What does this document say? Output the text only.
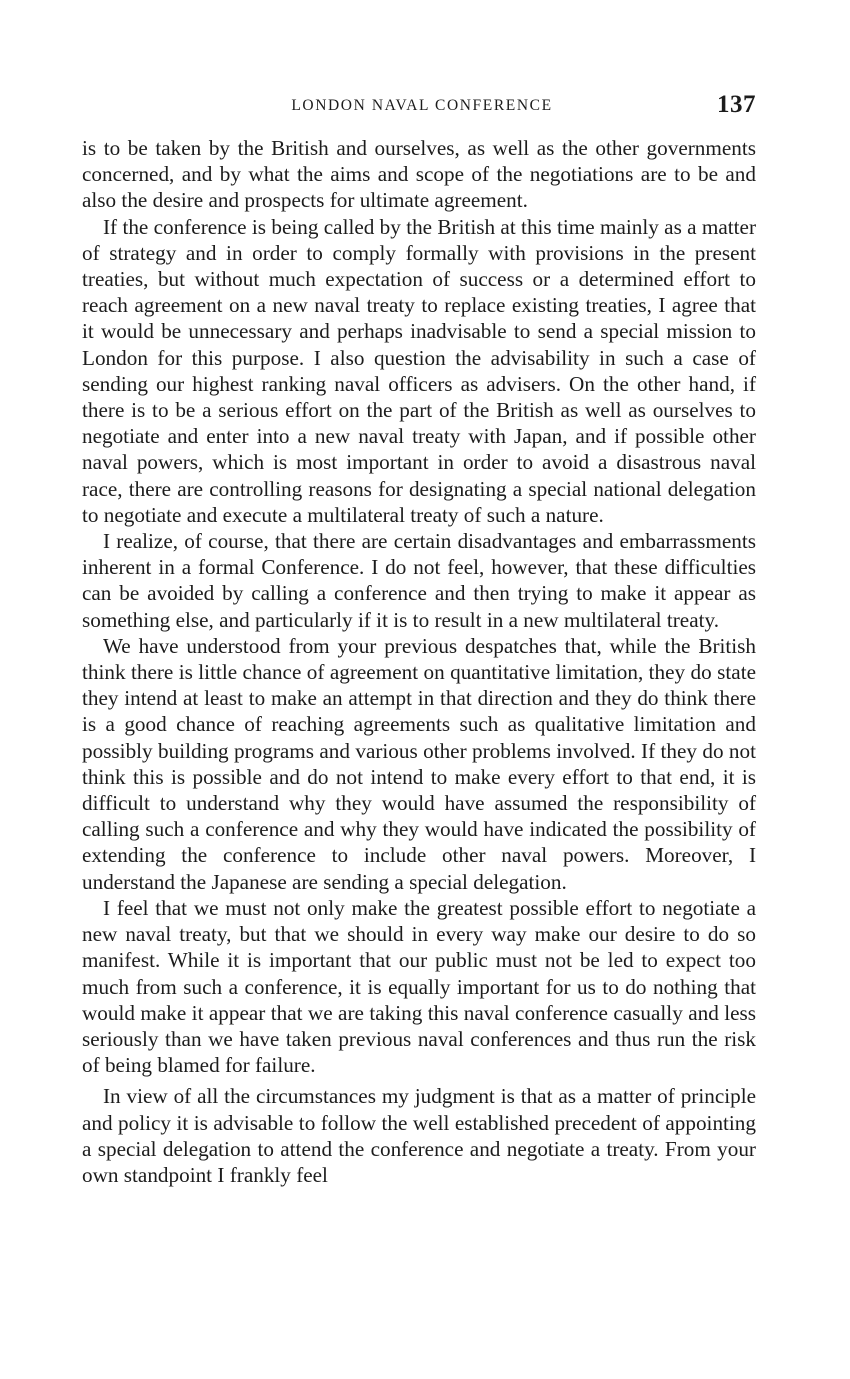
LONDON NAVAL CONFERENCE	137

is to be taken by the British and ourselves, as well as the other governments concerned, and by what the aims and scope of the negotiations are to be and also the desire and prospects for ultimate agreement.

If the conference is being called by the British at this time mainly as a matter of strategy and in order to comply formally with provisions in the present treaties, but without much expectation of success or a determined effort to reach agreement on a new naval treaty to replace existing treaties, I agree that it would be unnecessary and perhaps inadvisable to send a special mission to London for this purpose. I also question the advisability in such a case of sending our highest ranking naval officers as advisers. On the other hand, if there is to be a serious effort on the part of the British as well as ourselves to negotiate and enter into a new naval treaty with Japan, and if possible other naval powers, which is most important in order to avoid a disastrous naval race, there are controlling reasons for designating a special national delegation to negotiate and execute a multilateral treaty of such a nature.

I realize, of course, that there are certain disadvantages and embarrassments inherent in a formal Conference. I do not feel, however, that these difficulties can be avoided by calling a conference and then trying to make it appear as something else, and particularly if it is to result in a new multilateral treaty.

We have understood from your previous despatches that, while the British think there is little chance of agreement on quantitative limitation, they do state they intend at least to make an attempt in that direction and they do think there is a good chance of reaching agreements such as qualitative limitation and possibly building programs and various other problems involved. If they do not think this is possible and do not intend to make every effort to that end, it is difficult to understand why they would have assumed the responsibility of calling such a conference and why they would have indicated the possibility of extending the conference to include other naval powers. Moreover, I understand the Japanese are sending a special delegation.

I feel that we must not only make the greatest possible effort to negotiate a new naval treaty, but that we should in every way make our desire to do so manifest. While it is important that our public must not be led to expect too much from such a conference, it is equally important for us to do nothing that would make it appear that we are taking this naval conference casually and less seriously than we have taken previous naval conferences and thus run the risk of being blamed for failure.

In view of all the circumstances my judgment is that as a matter of principle and policy it is advisable to follow the well established precedent of appointing a special delegation to attend the conference and negotiate a treaty. From your own standpoint I frankly feel
